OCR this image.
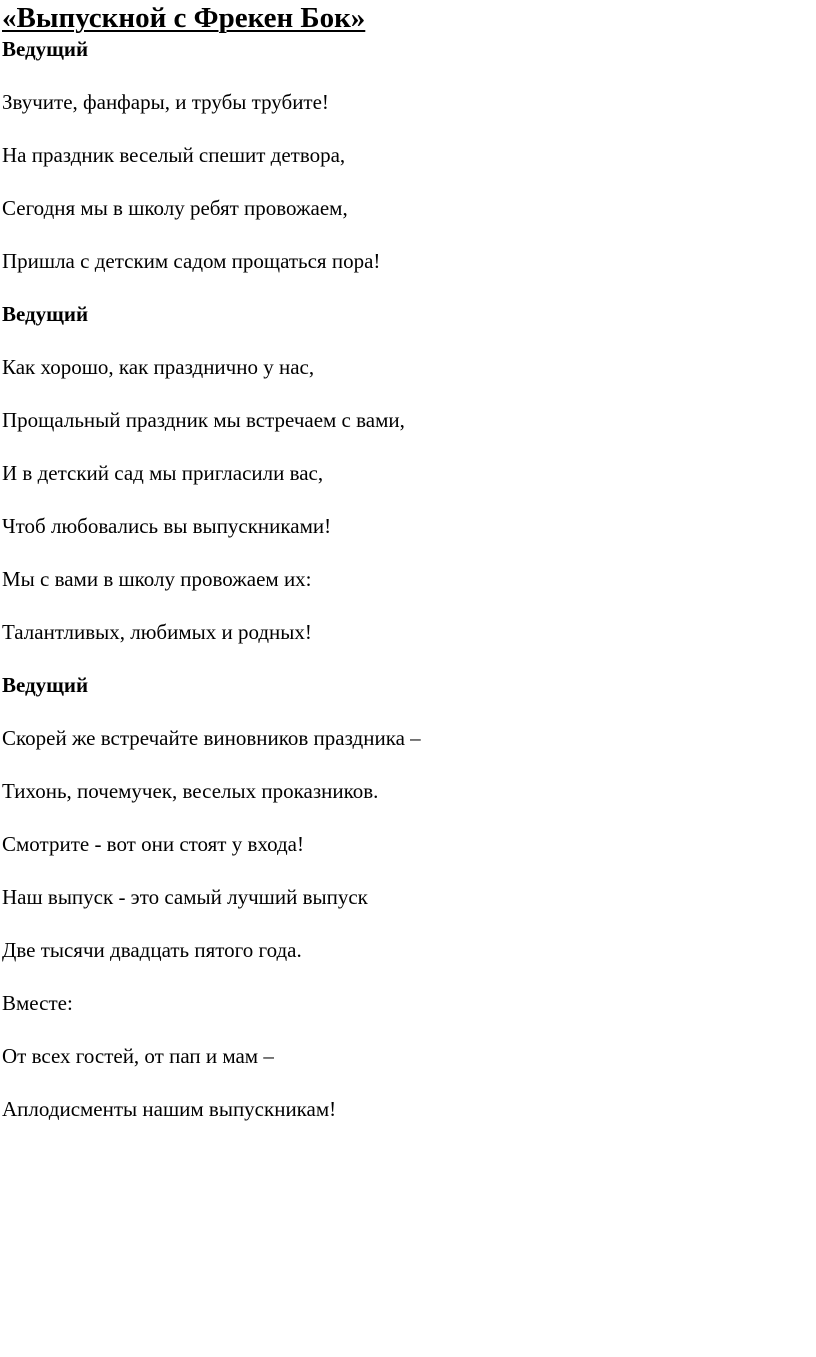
«Выпускной с Фрекен Бок»

Ведущий

Звучите, фанфары, и трубы трубите!

На праздник веселый спешит детвора,

Сегодня мы в школу ребят провожаем,

Пришла с детским садом прощаться пора!

Ведущий

Как хорошо, как празднично у нас,

Прощальный праздник мы встречаем с вами,

И в детский сад мы пригласили вас,

Чтоб любовались вы выпускниками!

Мы с вами в школу провожаем их:

Талантливых, любимых и родных!

Ведущий

Скорей же встречайте виновников праздника –

Тихонь, почемучек, веселых проказников.

Смотрите - вот они стоят у входа!

Наш выпуск - это самый лучший выпуск

Две тысячи двадцать пятого года.

Вместе:

От всех гостей, от пап и мам –

Аплодисменты нашим выпускникам!
